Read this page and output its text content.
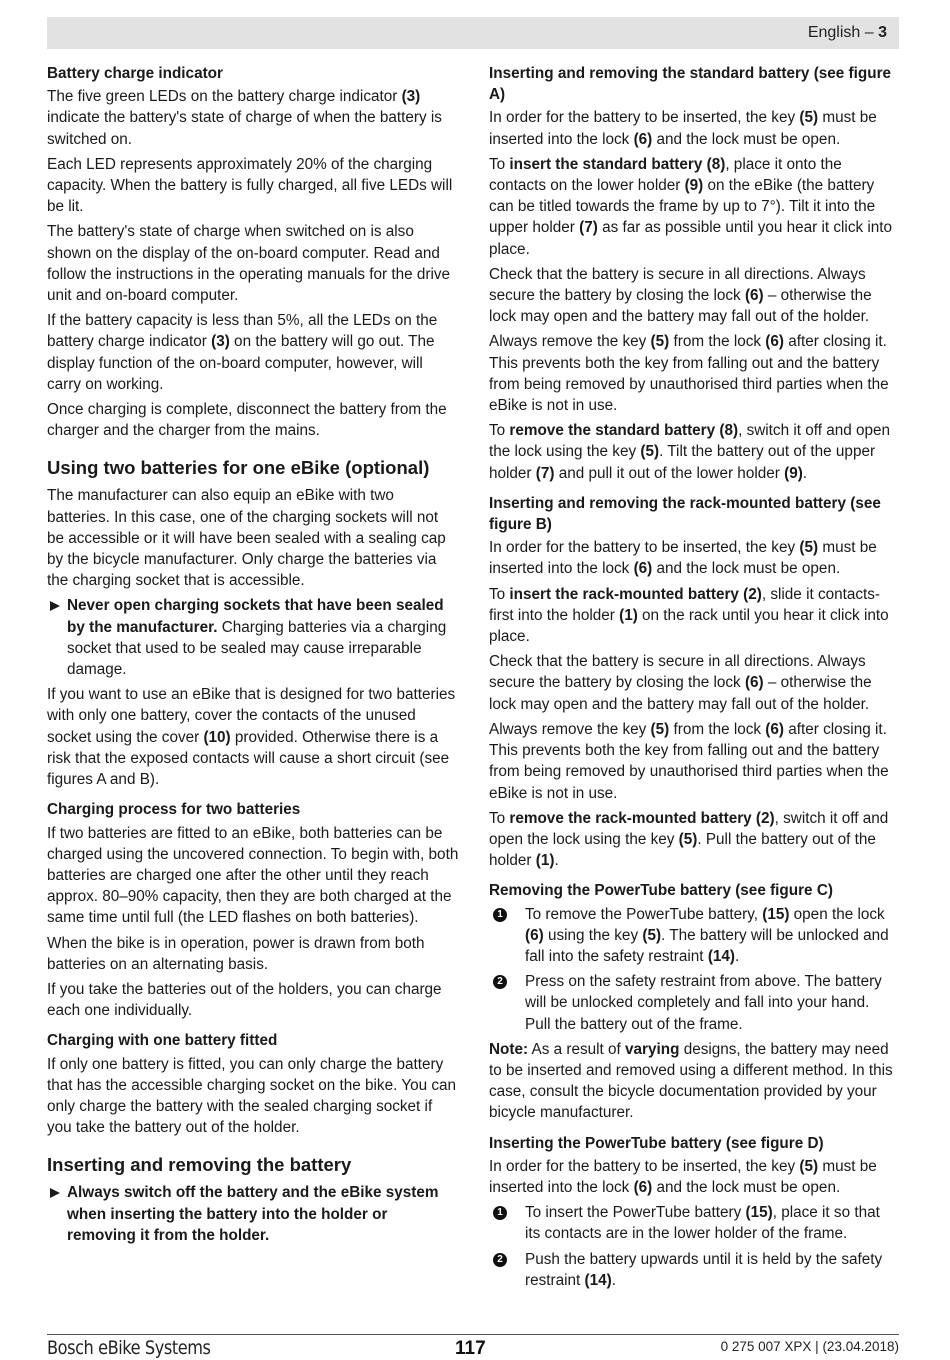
English – 3
Battery charge indicator

The five green LEDs on the battery charge indicator (3) indicate the battery's state of charge of when the battery is switched on.

Each LED represents approximately 20% of the charging capacity. When the battery is fully charged, all five LEDs will be lit.

The battery's state of charge when switched on is also shown on the display of the on-board computer. Read and follow the instructions in the operating manuals for the drive unit and on-board computer.

If the battery capacity is less than 5%, all the LEDs on the battery charge indicator (3) on the battery will go out. The display function of the on-board computer, however, will carry on working.

Once charging is complete, disconnect the battery from the charger and the charger from the mains.

Using two batteries for one eBike (optional)

The manufacturer can also equip an eBike with two batteries. In this case, one of the charging sockets will not be accessible or it will have been sealed with a sealing cap by the bicycle manufacturer. Only charge the batteries via the charging socket that is accessible.

Never open charging sockets that have been sealed by the manufacturer. Charging batteries via a charging socket that used to be sealed may cause irreparable damage.

If you want to use an eBike that is designed for two batteries with only one battery, cover the contacts of the unused socket using the cover (10) provided. Otherwise there is a risk that the exposed contacts will cause a short circuit (see figures A and B).

Charging process for two batteries

If two batteries are fitted to an eBike, both batteries can be charged using the uncovered connection. To begin with, both batteries are charged one after the other until they reach approx. 80–90% capacity, then they are both charged at the same time until full (the LED flashes on both batteries).

When the bike is in operation, power is drawn from both batteries on an alternating basis.

If you take the batteries out of the holders, you can charge each one individually.

Charging with one battery fitted

If only one battery is fitted, you can only charge the battery that has the accessible charging socket on the bike. You can only charge the battery with the sealed charging socket if you take the battery out of the holder.

Inserting and removing the battery
Always switch off the battery and the eBike system when inserting the battery into the holder or removing it from the holder.
Inserting and removing the standard battery (see figure A)

In order for the battery to be inserted, the key (5) must be inserted into the lock (6) and the lock must be open.

To insert the standard battery (8), place it onto the contacts on the lower holder (9) on the eBike (the battery can be titled towards the frame by up to 7°). Tilt it into the upper holder (7) as far as possible until you hear it click into place.

Check that the battery is secure in all directions. Always secure the battery by closing the lock (6) – otherwise the lock may open and the battery may fall out of the holder.

Always remove the key (5) from the lock (6) after closing it. This prevents both the key from falling out and the battery from being removed by unauthorised third parties when the eBike is not in use.

To remove the standard battery (8), switch it off and open the lock using the key (5). Tilt the battery out of the upper holder (7) and pull it out of the lower holder (9).

Inserting and removing the rack-mounted battery (see figure B)

In order for the battery to be inserted, the key (5) must be inserted into the lock (6) and the lock must be open.

To insert the rack-mounted battery (2), slide it contacts-first into the holder (1) on the rack until you hear it click into place.

Check that the battery is secure in all directions. Always secure the battery by closing the lock (6) – otherwise the lock may open and the battery may fall out of the holder.

Always remove the key (5) from the lock (6) after closing it. This prevents both the key from falling out and the battery from being removed by unauthorised third parties when the eBike is not in use.

To remove the rack-mounted battery (2), switch it off and open the lock using the key (5). Pull the battery out of the holder (1).

Removing the PowerTube battery (see figure C)
1 To remove the PowerTube battery, (15) open the lock (6) using the key (5). The battery will be unlocked and fall into the safety restraint (14).
2 Press on the safety restraint from above. The battery will be unlocked completely and fall into your hand. Pull the battery out of the frame.

Note: As a result of varying designs, the battery may need to be inserted and removed using a different method. In this case, consult the bicycle documentation provided by your bicycle manufacturer.

Inserting the PowerTube battery (see figure D)

In order for the battery to be inserted, the key (5) must be inserted into the lock (6) and the lock must be open.

1 To insert the PowerTube battery (15), place it so that its contacts are in the lower holder of the frame.
2 Push the battery upwards until it is held by the safety restraint (14).
Bosch eBike Systems	117	0 275 007 XPX | (23.04.2018)
